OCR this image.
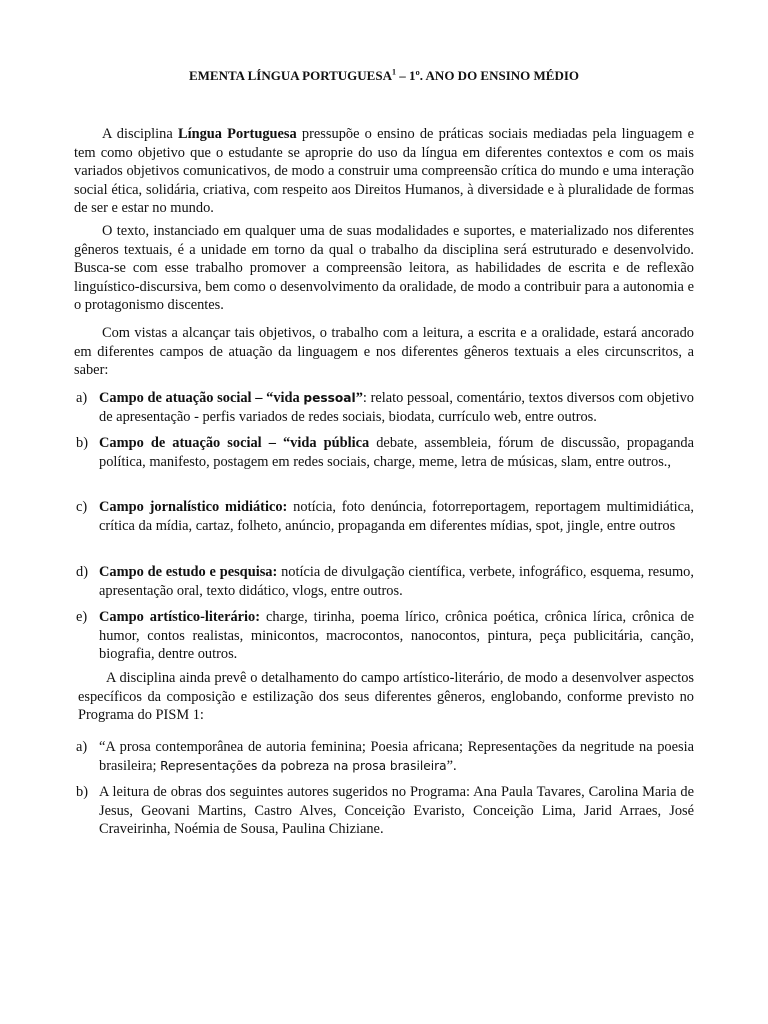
EMENTA LÍNGUA PORTUGUESA$^1$ – 1º. ANO DO ENSINO MÉDIO

A disciplina Língua Portuguesa pressupõe o ensino de práticas sociais mediadas pela linguagem e tem como objetivo que o estudante se aproprie do uso da língua em diferentes contextos e com os mais variados objetivos comunicativos, de modo a construir uma compreensão crítica do mundo e uma interação social ética, solidária, criativa, com respeito aos Direitos Humanos, à diversidade e à pluralidade de formas de ser e estar no mundo.

O texto, instanciado em qualquer uma de suas modalidades e suportes, e materializado nos diferentes gêneros textuais, é a unidade em torno da qual o trabalho da disciplina será estruturado e desenvolvido. Busca-se com esse trabalho promover a compreensão leitora, as habilidades de escrita e de reflexão linguístico-discursiva, bem como o desenvolvimento da oralidade, de modo a contribuir para a autonomia e o protagonismo discentes.

Com vistas a alcançar tais objetivos, o trabalho com a leitura, a escrita e a oralidade, estará ancorado em diferentes campos de atuação da linguagem e nos diferentes gêneros textuais a eles circunscritos, a saber:

a) Campo de atuação social – “vida pessoal”: relato pessoal, comentário, textos diversos com objetivo de apresentação - perfis variados de redes sociais, biodata, currículo web, entre outros.
b) Campo de atuação social – “vida pública debate, assembleia, fórum de discussão, propaganda política, manifesto, postagem em redes sociais, charge, meme, letra de músicas, slam, entre outros.,
c) Campo jornalístico midiático: notícia, foto denúncia, fotorreportagem, reportagem multimidiática, crítica da mídia, cartaz, folheto, anúncio, propaganda em diferentes mídias, spot, jingle, entre outros
d) Campo de estudo e pesquisa: notícia de divulgação científica, verbete, infográfico, esquema, resumo, apresentação oral, texto didático, vlogs, entre outros.
e) Campo artístico-literário: charge, tirinha, poema lírico, crônica poética, crônica lírica, crônica de humor, contos realistas, minicontos, macrocontos, nanocontos, pintura, peça publicitária, canção, biografia, dentre outros.

A disciplina ainda prevê o detalhamento do campo artístico-literário, de modo a desenvolver aspectos específicos da composição e estilização dos seus diferentes gêneros, englobando, conforme previsto no Programa do PISM 1:

a) “A prosa contemporânea de autoria feminina; Poesia africana; Representações da negritude na poesia brasileira; Representações da pobreza na prosa brasileira”.
b) A leitura de obras dos seguintes autores sugeridos no Programa: Ana Paula Tavares, Carolina Maria de Jesus, Geovani Martins, Castro Alves, Conceição Evaristo, Conceição Lima, Jarid Arraes, José Craveirinha, Noémia de Sousa, Paulina Chiziane.
